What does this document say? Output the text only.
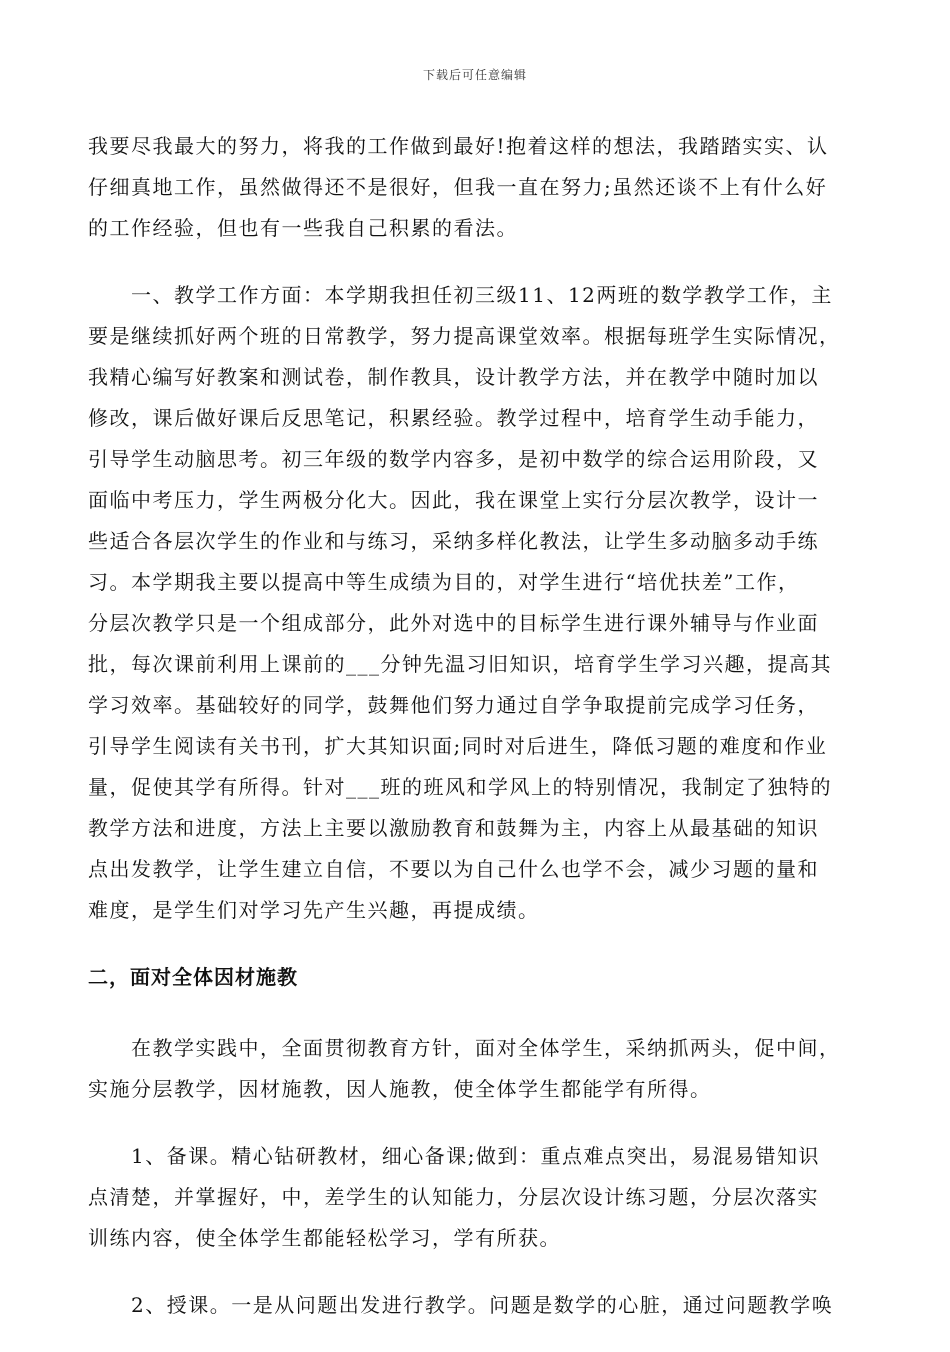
下载后可任意编辑
我要尽我最大的努力，将我的工作做到最好!抱着这样的想法，我踏踏实实、认
仔细真地工作，虽然做得还不是很好，但我一直在努力;虽然还谈不上有什么好
的工作经验，但也有一些我自己积累的看法。
　　一、教学工作方面：本学期我担任初三级11、12两班的数学教学工作，主
要是继续抓好两个班的日常教学，努力提高课堂效率。根据每班学生实际情况，
我精心编写好教案和测试卷，制作教具，设计教学方法，并在教学中随时加以
修改，课后做好课后反思笔记，积累经验。教学过程中，培育学生动手能力，
引导学生动脑思考。初三年级的数学内容多，是初中数学的综合运用阶段，又
面临中考压力，学生两极分化大。因此，我在课堂上实行分层次教学，设计一
些适合各层次学生的作业和与练习，采纳多样化教法，让学生多动脑多动手练
习。本学期我主要以提高中等生成绩为目的，对学生进行“培优扶差”工作，
分层次教学只是一个组成部分，此外对选中的目标学生进行课外辅导与作业面
批，每次课前利用上课前的___分钟先温习旧知识，培育学生学习兴趣，提高其
学习效率。基础较好的同学，鼓舞他们努力通过自学争取提前完成学习任务，
引导学生阅读有关书刊，扩大其知识面;同时对后进生，降低习题的难度和作业
量，促使其学有所得。针对___班的班风和学风上的特别情况，我制定了独特的
教学方法和进度，方法上主要以激励教育和鼓舞为主，内容上从最基础的知识
点出发教学，让学生建立自信，不要以为自己什么也学不会，减少习题的量和
难度，是学生们对学习先产生兴趣，再提成绩。
二，面对全体因材施教
　　在教学实践中，全面贯彻教育方针，面对全体学生，采纳抓两头，促中间，
实施分层教学，因材施教，因人施教，使全体学生都能学有所得。
　　1、备课。精心钻研教材，细心备课;做到：重点难点突出，易混易错知识
点清楚，并掌握好，中，差学生的认知能力，分层次设计练习题，分层次落实
训练内容，使全体学生都能轻松学习，学有所获。
　　2、授课。一是从问题出发进行教学。问题是数学的心脏，通过问题教学唤
